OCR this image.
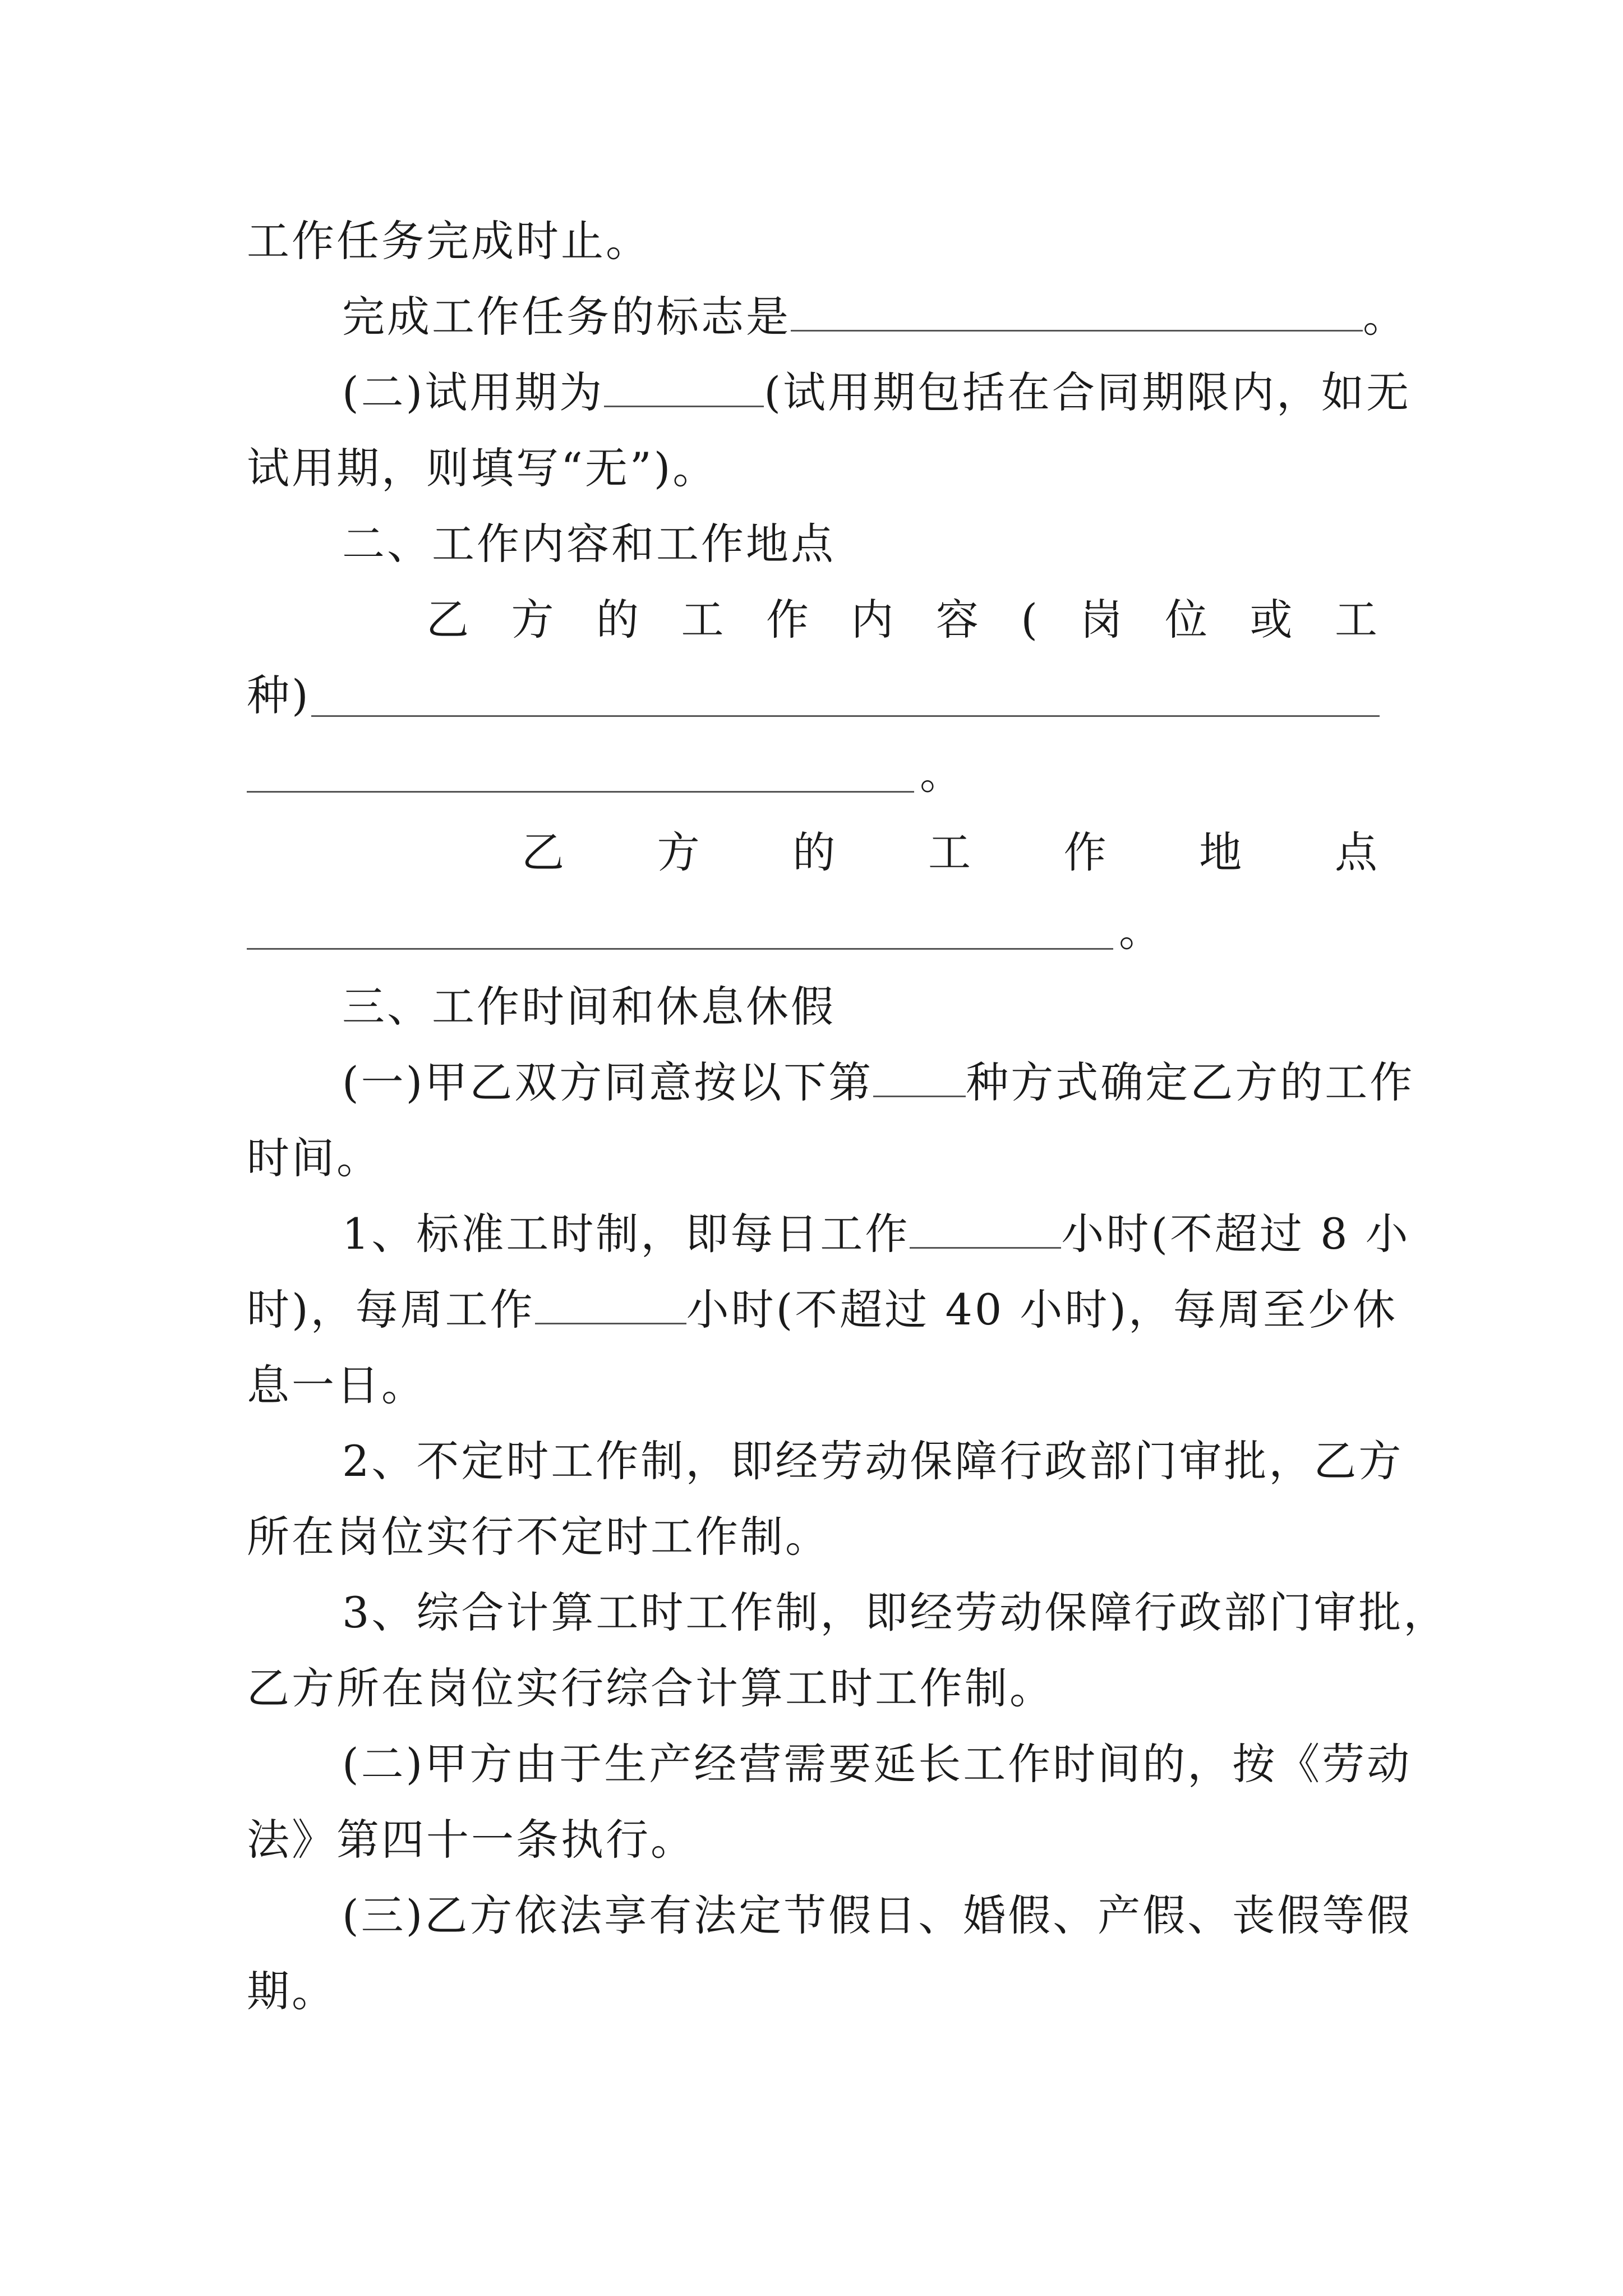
工作任务完成时止。
完成工作任务的标志是	。
(二)试用期为	(试用期包括在合同期限内，如无
试用期，则填写“无”)。
二、工作内容和工作地点
乙 方 的 工 作 内 容 ( 岗 位 或 工
种)
。
乙 方 的 工 作 地 点
。
三、工作时间和休息休假
(一)甲乙双方同意按以下第 种方式确定乙方的工作
时间。
1、标准工时制，即每日工作	小时(不超过 8 小
时)，每周工作	小时(不超过 40 小时)，每周至少休
息一日。
2、不定时工作制，即经劳动保障行政部门审批，乙方
所在岗位实行不定时工作制。
3、综合计算工时工作制，即经劳动保障行政部门审批，
乙方所在岗位实行综合计算工时工作制。
(二)甲方由于生产经营需要延长工作时间的，按《劳动
法》第四十一条执行。
(三)乙方依法享有法定节假日、婚假、产假、丧假等假
期。
